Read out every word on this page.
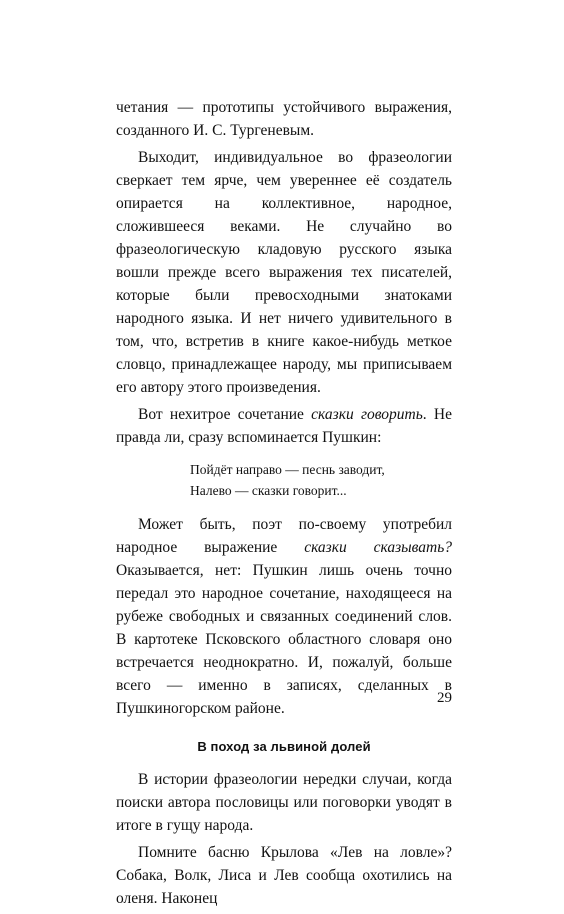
четания — прототипы устойчивого выражения, созданного И. С. Тургеневым.

Выходит, индивидуальное во фразеологии сверкает тем ярче, чем увереннее её создатель опирается на коллективное, народное, сложившееся веками. Не случайно во фразеологическую кладовую русского языка вошли прежде всего выражения тех писателей, которые были превосходными знатоками народного языка. И нет ничего удивительного в том, что, встретив в книге какое-нибудь меткое словцо, принадлежащее народу, мы приписываем его автору этого произведения.

Вот нехитрое сочетание сказки говорить. Не правда ли, сразу вспоминается Пушкин:

Пойдёт направо — песнь заводит,
Налево — сказки говорит...

Может быть, поэт по-своему употребил народное выражение сказки сказывать? Оказывается, нет: Пушкин лишь очень точно передал это народное сочетание, находящееся на рубеже свободных и связанных соединений слов. В картотеке Псковского областного словаря оно встречается неоднократно. И, пожалуй, больше всего — именно в записях, сделанных в Пушкиногорском районе.

В поход за львиной долей

В истории фразеологии нередки случаи, когда поиски автора пословицы или поговорки уводят в итоге в гущу народа.

Помните басню Крылова «Лев на ловле»? Собака, Волк, Лиса и Лев сообща охотились на оленя. Наконец

29
